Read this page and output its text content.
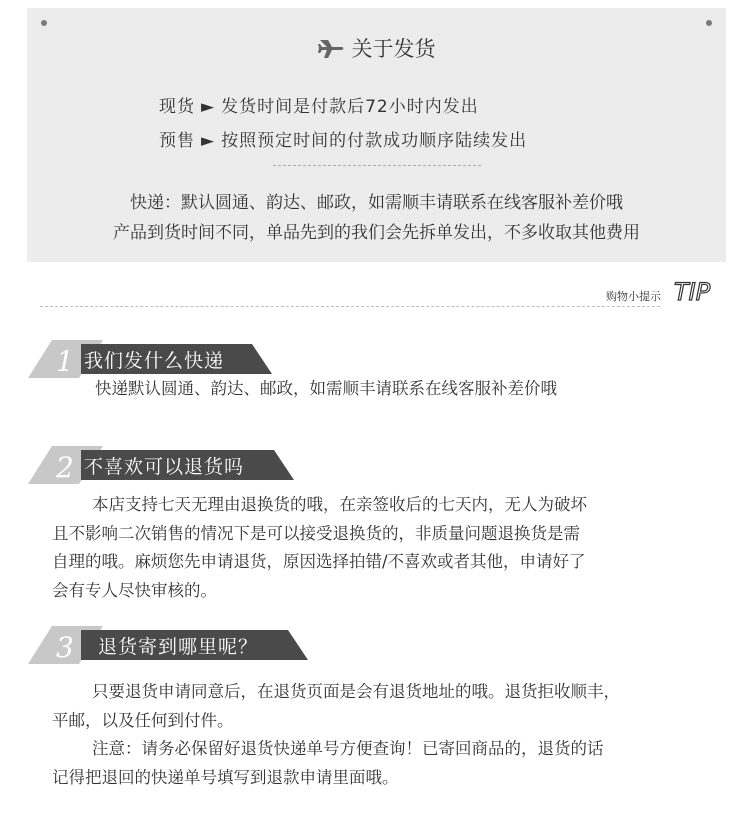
关于发货
现货 ► 发货时间是付款后72小时内发出
预售 ► 按照预定时间的付款成功顺序陆续发出
快递：默认圆通、韵达、邮政，如需顺丰请联系在线客服补差价哦
产品到货时间不同，单品先到的我们会先拆单发出，不多收取其他费用
购物小提示 TIP
1 我们发什么快递
快递默认圆通、韵达、邮政，如需顺丰请联系在线客服补差价哦
2 不喜欢可以退货吗
本店支持七天无理由退换货的哦，在亲签收后的七天内，无人为破坏
且不影响二次销售的情况下是可以接受退换货的，非质量问题退换货是需
自理的哦。麻烦您先申请退货，原因选择拍错/不喜欢或者其他，申请好了
会有专人尽快审核的。
3 退货寄到哪里呢？
只要退货申请同意后，在退货页面是会有退货地址的哦。退货拒收顺丰，
平邮，以及任何到付件。
注意：请务必保留好退货快递单号方便查询！已寄回商品的，退货的话
记得把退回的快递单号填写到退款申请里面哦。
